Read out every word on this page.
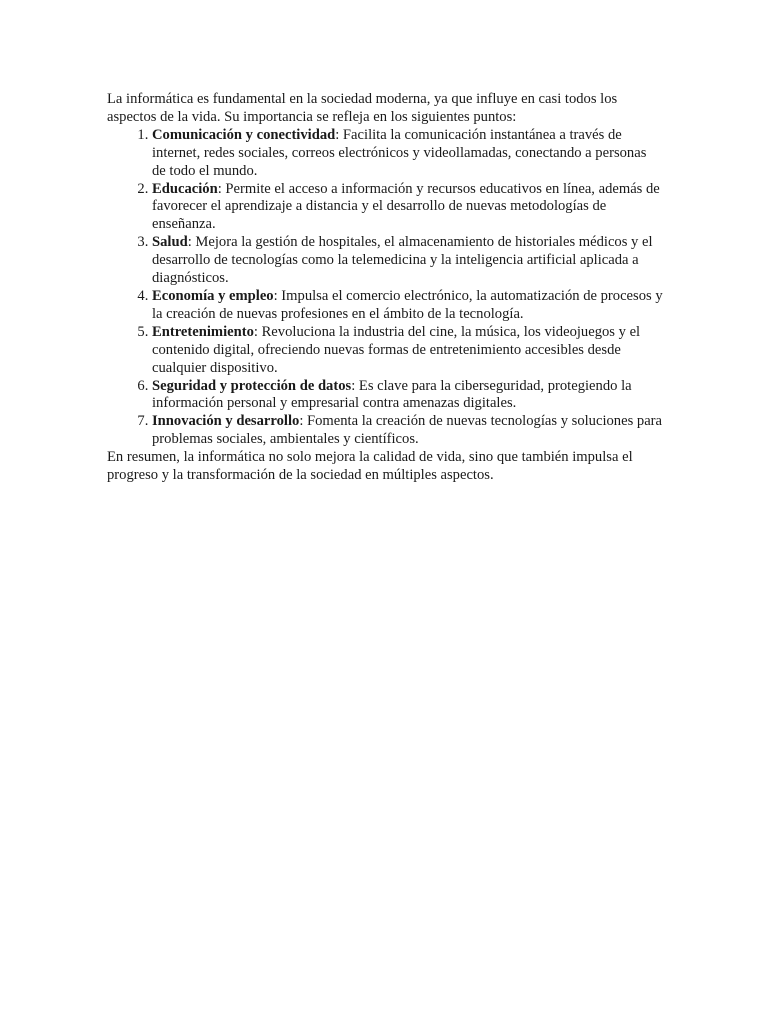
La informática es fundamental en la sociedad moderna, ya que influye en casi todos los aspectos de la vida. Su importancia se refleja en los siguientes puntos:

1. Comunicación y conectividad: Facilita la comunicación instantánea a través de internet, redes sociales, correos electrónicos y videollamadas, conectando a personas de todo el mundo.
2. Educación: Permite el acceso a información y recursos educativos en línea, además de favorecer el aprendizaje a distancia y el desarrollo de nuevas metodologías de enseñanza.
3. Salud: Mejora la gestión de hospitales, el almacenamiento de historiales médicos y el desarrollo de tecnologías como la telemedicina y la inteligencia artificial aplicada a diagnósticos.
4. Economía y empleo: Impulsa el comercio electrónico, la automatización de procesos y la creación de nuevas profesiones en el ámbito de la tecnología.
5. Entretenimiento: Revoluciona la industria del cine, la música, los videojuegos y el contenido digital, ofreciendo nuevas formas de entretenimiento accesibles desde cualquier dispositivo.
6. Seguridad y protección de datos: Es clave para la ciberseguridad, protegiendo la información personal y empresarial contra amenazas digitales.
7. Innovación y desarrollo: Fomenta la creación de nuevas tecnologías y soluciones para problemas sociales, ambientales y científicos.

En resumen, la informática no solo mejora la calidad de vida, sino que también impulsa el progreso y la transformación de la sociedad en múltiples aspectos.
